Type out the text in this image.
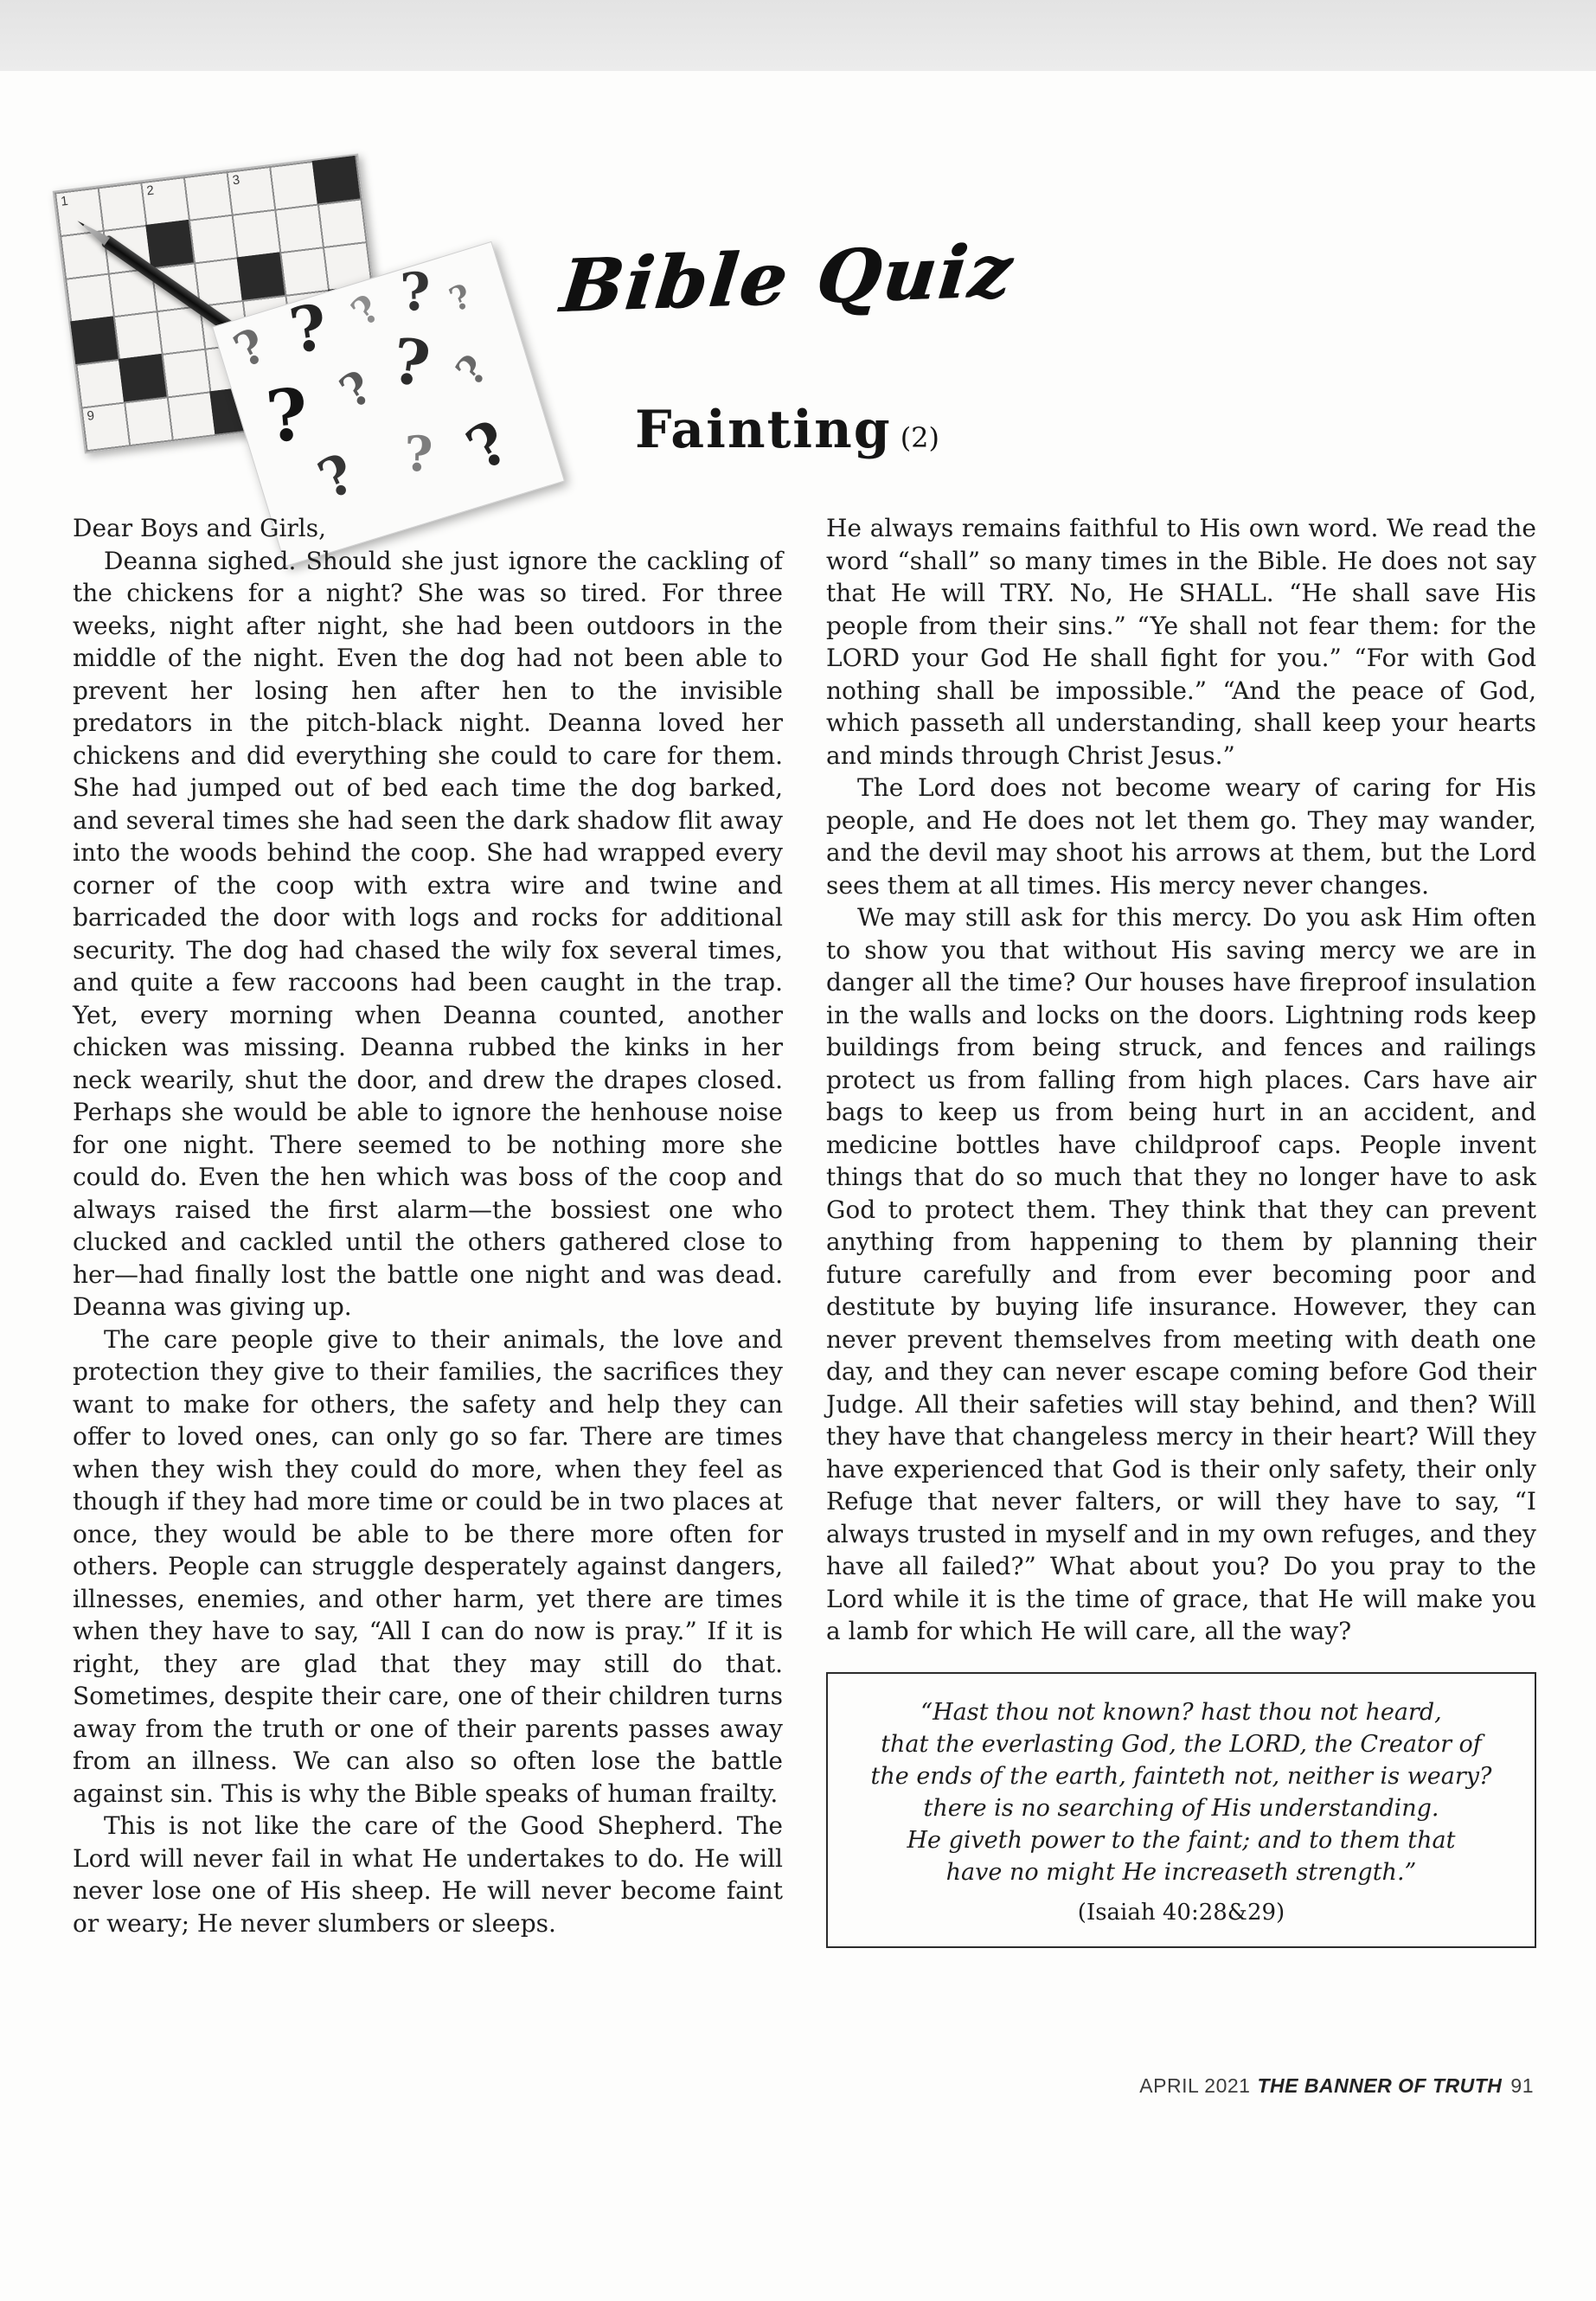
1
2
3
9
? ? ? ? ?
? ? ? ?
? ? ?
Bible Quiz
Fainting (2)

Dear Boys and Girls,

Deanna sighed. Should she just ignore the cackling of the chickens for a night? She was so tired. For three weeks, night after night, she had been outdoors in the middle of the night. Even the dog had not been able to prevent her losing hen after hen to the invisible predators in the pitch-black night. Deanna loved her chickens and did everything she could to care for them. She had jumped out of bed each time the dog barked, and several times she had seen the dark shadow flit away into the woods behind the coop. She had wrapped every corner of the coop with extra wire and twine and barricaded the door with logs and rocks for additional security. The dog had chased the wily fox several times, and quite a few raccoons had been caught in the trap. Yet, every morning when Deanna counted, another chicken was missing. Deanna rubbed the kinks in her neck wearily, shut the door, and drew the drapes closed. Perhaps she would be able to ignore the henhouse noise for one night. There seemed to be nothing more she could do. Even the hen which was boss of the coop and always raised the first alarm—the bossiest one who clucked and cackled until the others gathered close to her—had finally lost the battle one night and was dead. Deanna was giving up.

The care people give to their animals, the love and protection they give to their families, the sacrifices they want to make for others, the safety and help they can offer to loved ones, can only go so far. There are times when they wish they could do more, when they feel as though if they had more time or could be in two places at once, they would be able to be there more often for others. People can struggle desperately against dangers, illnesses, enemies, and other harm, yet there are times when they have to say, “All I can do now is pray.” If it is right, they are glad that they may still do that. Sometimes, despite their care, one of their children turns away from the truth or one of their parents passes away from an illness. We can also so often lose the battle against sin. This is why the Bible speaks of human frailty.

This is not like the care of the Good Shepherd. The Lord will never fail in what He undertakes to do. He will never lose one of His sheep. He will never become faint or weary; He never slumbers or sleeps.

He always remains faithful to His own word. We read the word “shall” so many times in the Bible. He does not say that He will TRY. No, He SHALL. “He shall save His people from their sins.” “Ye shall not fear them: for the LORD your God He shall fight for you.” “For with God nothing shall be impossible.” “And the peace of God, which passeth all understanding, shall keep your hearts and minds through Christ Jesus.”

The Lord does not become weary of caring for His people, and He does not let them go. They may wander, and the devil may shoot his arrows at them, but the Lord sees them at all times. His mercy never changes.

We may still ask for this mercy. Do you ask Him often to show you that without His saving mercy we are in danger all the time? Our houses have fireproof insulation in the walls and locks on the doors. Lightning rods keep buildings from being struck, and fences and railings protect us from falling from high places. Cars have air bags to keep us from being hurt in an accident, and medicine bottles have childproof caps. People invent things that do so much that they no longer have to ask God to protect them. They think that they can prevent anything from happening to them by planning their future carefully and from ever becoming poor and destitute by buying life insurance. However, they can never prevent themselves from meeting with death one day, and they can never escape coming before God their Judge. All their safeties will stay behind, and then? Will they have that changeless mercy in their heart? Will they have experienced that God is their only safety, their only Refuge that never falters, or will they have to say, “I always trusted in myself and in my own refuges, and they have all failed?” What about you? Do you pray to the Lord while it is the time of grace, that He will make you a lamb for which He will care, all the way?

“Hast thou not known? hast thou not heard,
that the everlasting God, the LORD, the Creator of
the ends of the earth, fainteth not, neither is weary?
there is no searching of His understanding.
He giveth power to the faint; and to them that
have no might He increaseth strength.”
(Isaiah 40:28&29)
APRIL 2021 THE BANNER OF TRUTH 91
